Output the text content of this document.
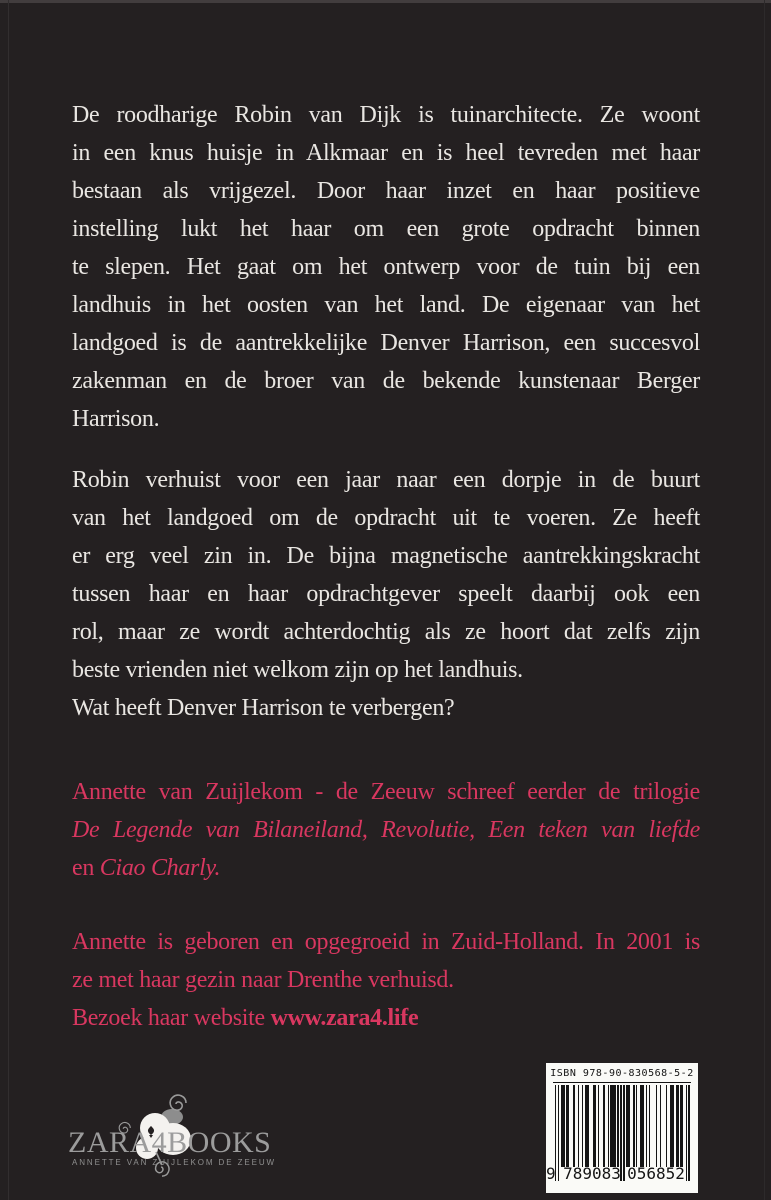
De roodharige Robin van Dijk is tuinarchitecte. Ze woont
in een knus huisje in Alkmaar en is heel tevreden met haar
bestaan als vrijgezel. Door haar inzet en haar positieve
instelling lukt het haar om een grote opdracht binnen
te slepen. Het gaat om het ontwerp voor de tuin bij een
landhuis in het oosten van het land. De eigenaar van het
landgoed is de aantrekkelijke Denver Harrison, een succesvol
zakenman en de broer van de bekende kunstenaar Berger
Harrison.
Robin verhuist voor een jaar naar een dorpje in de buurt
van het landgoed om de opdracht uit te voeren. Ze heeft
er erg veel zin in. De bijna magnetische aantrekkingskracht
tussen haar en haar opdrachtgever speelt daarbij ook een
rol, maar ze wordt achterdochtig als ze hoort dat zelfs zijn
beste vrienden niet welkom zijn op het landhuis.
Wat heeft Denver Harrison te verbergen?
Annette van Zuijlekom - de Zeeuw schreef eerder de trilogie
De Legende van Bilaneiland, Revolutie, Een teken van liefde
en Ciao Charly.
Annette is geboren en opgegroeid in Zuid-Holland. In 2001 is
ze met haar gezin naar Drenthe verhuisd.
Bezoek haar website www.zara4.life
ZARA4BOOKS
ANNETTE VAN ZUIJLEKOM DE ZEEUW
ISBN 978-90-830568-5-2
9 789083 056852
